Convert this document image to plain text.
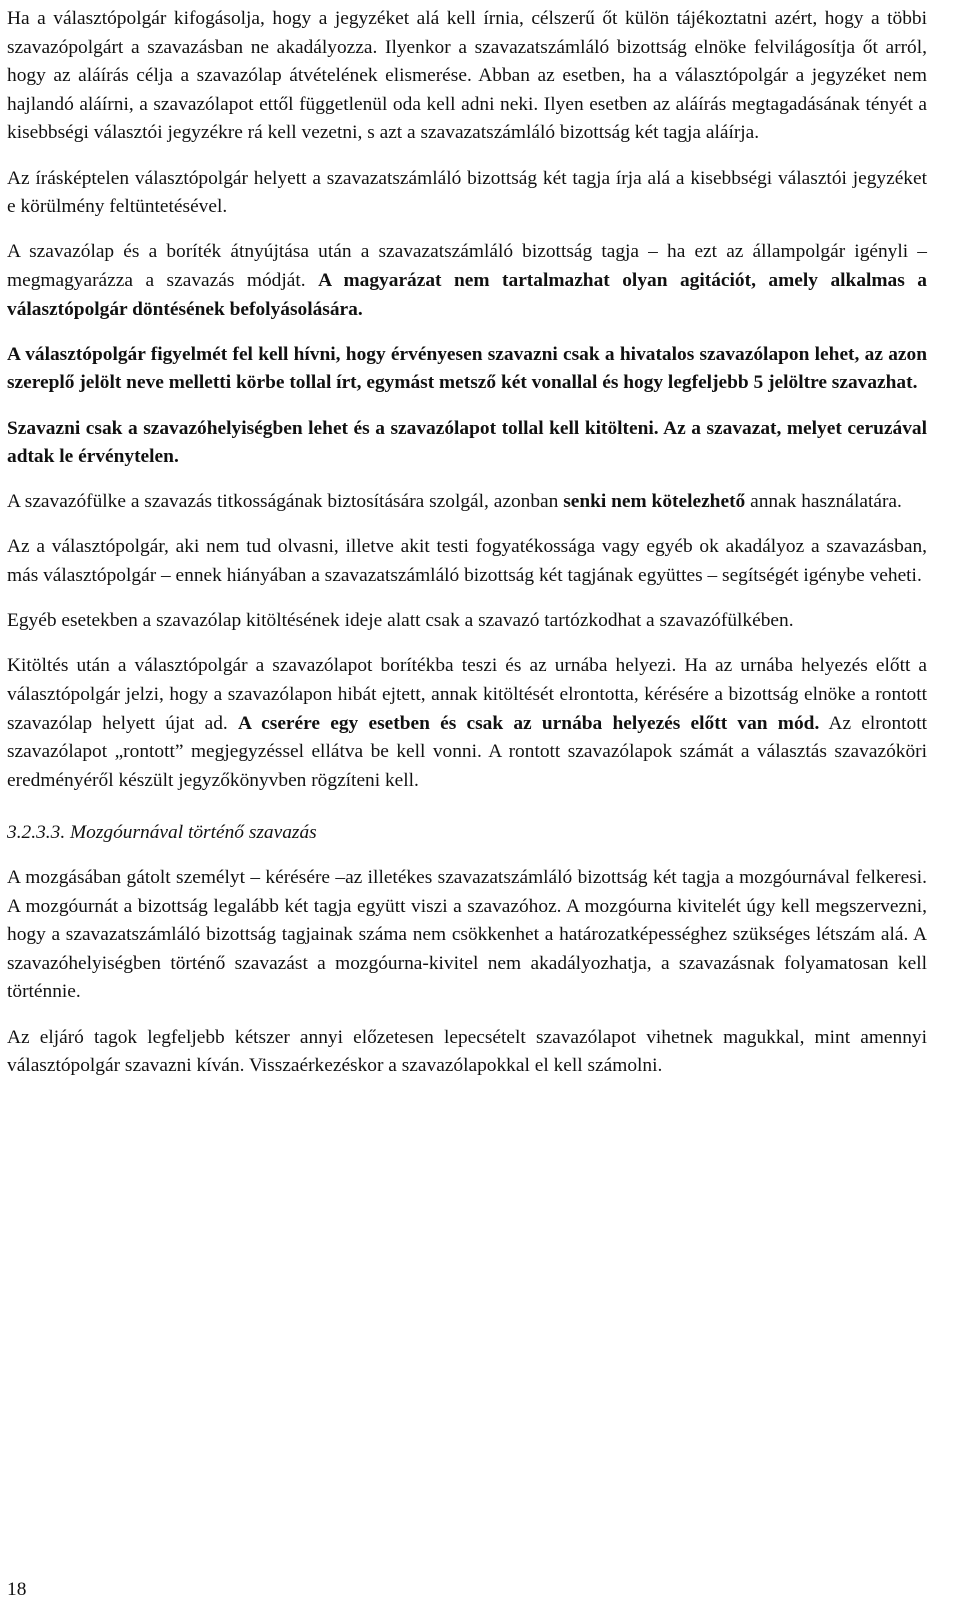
Ha a választópolgár kifogásolja, hogy a jegyzéket alá kell írnia, célszerű őt külön tájékoztatni azért, hogy a többi szavazópolgárt a szavazásban ne akadályozza. Ilyenkor a szavazatszámláló bizottság elnöke felvilágosítja őt arról, hogy az aláírás célja a szavazólap átvételének elismerése. Abban az esetben, ha a választópolgár a jegyzéket nem hajlandó aláírni, a szavazólapot ettől függetlenül oda kell adni neki. Ilyen esetben az aláírás megtagadásának tényét a kisebbségi választói jegyzékre rá kell vezetni, s azt a szavazatszámláló bizottság két tagja aláírja.

Az írásképtelen választópolgár helyett a szavazatszámláló bizottság két tagja írja alá a kisebbségi választói jegyzéket e körülmény feltüntetésével.

A szavazólap és a boríték átnyújtása után a szavazatszámláló bizottság tagja – ha ezt az állampolgár igényli – megmagyarázza a szavazás módját. A magyarázat nem tartalmazhat olyan agitációt, amely alkalmas a választópolgár döntésének befolyásolására.

A választópolgár figyelmét fel kell hívni, hogy érvényesen szavazni csak a hivatalos szavazólapon lehet, az azon szereplő jelölt neve melletti körbe tollal írt, egymást metsző két vonallal és hogy legfeljebb 5 jelöltre szavazhat.

Szavazni csak a szavazóhelyiségben lehet és a szavazólapot tollal kell kitölteni. Az a szavazat, melyet ceruzával adtak le érvénytelen.

A szavazófülke a szavazás titkosságának biztosítására szolgál, azonban senki nem kötelezhető annak használatára.

Az a választópolgár, aki nem tud olvasni, illetve akit testi fogyatékossága vagy egyéb ok akadályoz a szavazásban, más választópolgár – ennek hiányában a szavazatszámláló bizottság két tagjának együttes – segítségét igénybe veheti.

Egyéb esetekben a szavazólap kitöltésének ideje alatt csak a szavazó tartózkodhat a szavazófülkében.

Kitöltés után a választópolgár a szavazólapot borítékba teszi és az urnába helyezi. Ha az urnába helyezés előtt a választópolgár jelzi, hogy a szavazólapon hibát ejtett, annak kitöltését elrontotta, kérésére a bizottság elnöke a rontott szavazólap helyett újat ad. A cserére egy esetben és csak az urnába helyezés előtt van mód. Az elrontott szavazólapot „rontott” megjegyzéssel ellátva be kell vonni. A rontott szavazólapok számát a választás szavazóköri eredményéről készült jegyzőkönyvben rögzíteni kell.

3.2.3.3. Mozgóurnával történő szavazás

A mozgásában gátolt személyt – kérésére –az illetékes szavazatszámláló bizottság két tagja a mozgóurnával felkeresi. A mozgóurnát a bizottság legalább két tagja együtt viszi a szavazóhoz. A mozgóurna kivitelét úgy kell megszervezni, hogy a szavazatszámláló bizottság tagjainak száma nem csökkenhet a határozatképességhez szükséges létszám alá. A szavazóhelyiségben történő szavazást a mozgóurna-kivitel nem akadályozhatja, a szavazásnak folyamatosan kell történnie.

Az eljáró tagok legfeljebb kétszer annyi előzetesen lepecsételt szavazólapot vihetnek magukkal, mint amennyi választópolgár szavazni kíván. Visszaérkezéskor a szavazólapokkal el kell számolni.

18
